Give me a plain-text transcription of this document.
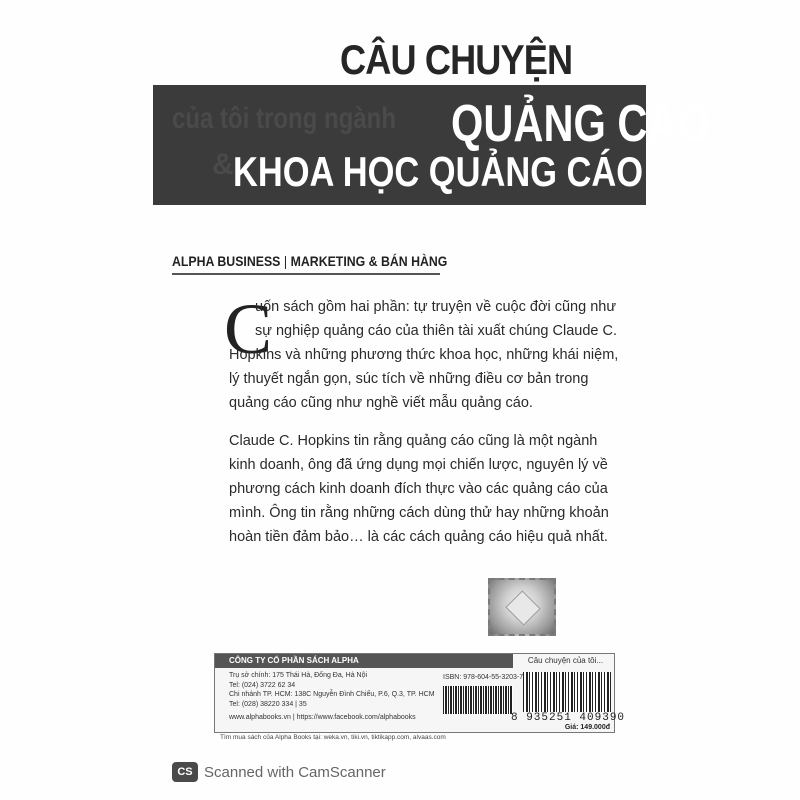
CÂU CHUYỆN
của tôi trong ngành
&
QUẢNG CÁO
KHOA HỌC QUẢNG CÁO
ALPHA BUSINESS | MARKETING & BÁN HÀNG
C
uốn sách gồm hai phần: tự truyện về cuộc đời cũng như
sự nghiệp quảng cáo của thiên tài xuất chúng Claude C.
Hopkins và những phương thức khoa học, những khái niệm,
lý thuyết ngắn gọn, súc tích về những điều cơ bản trong
quảng cáo cũng như nghề viết mẫu quảng cáo.
Claude C. Hopkins tin rằng quảng cáo cũng là một ngành
kinh doanh, ông đã ứng dụng mọi chiến lược, nguyên lý về
phương cách kinh doanh đích thực vào các quảng cáo của
mình. Ông tin rằng những cách dùng thử hay những khoản
hoàn tiền đảm bảo… là các cách quảng cáo hiệu quả nhất.
CÔNG TY CỔ PHẦN SÁCH ALPHA	Câu chuyện của tôi...
Trụ sở chính: 175 Thái Hà, Đống Đa, Hà Nội
Tel: (024) 3722 62 34
Chi nhánh TP. HCM: 138C Nguyễn Đình Chiểu, P.6, Q.3, TP. HCM
Tel: (028) 38220 334 | 35
ISBN: 978-604-55-3203-7
8 935251 409390
www.alphabooks.vn | https://www.facebook.com/alphabooks
Giá: 149.000đ
Tìm mua sách của Alpha Books tại: weka.vn, tiki.vn, tiktikapp.com, alvaas.com
CS Scanned with CamScanner
